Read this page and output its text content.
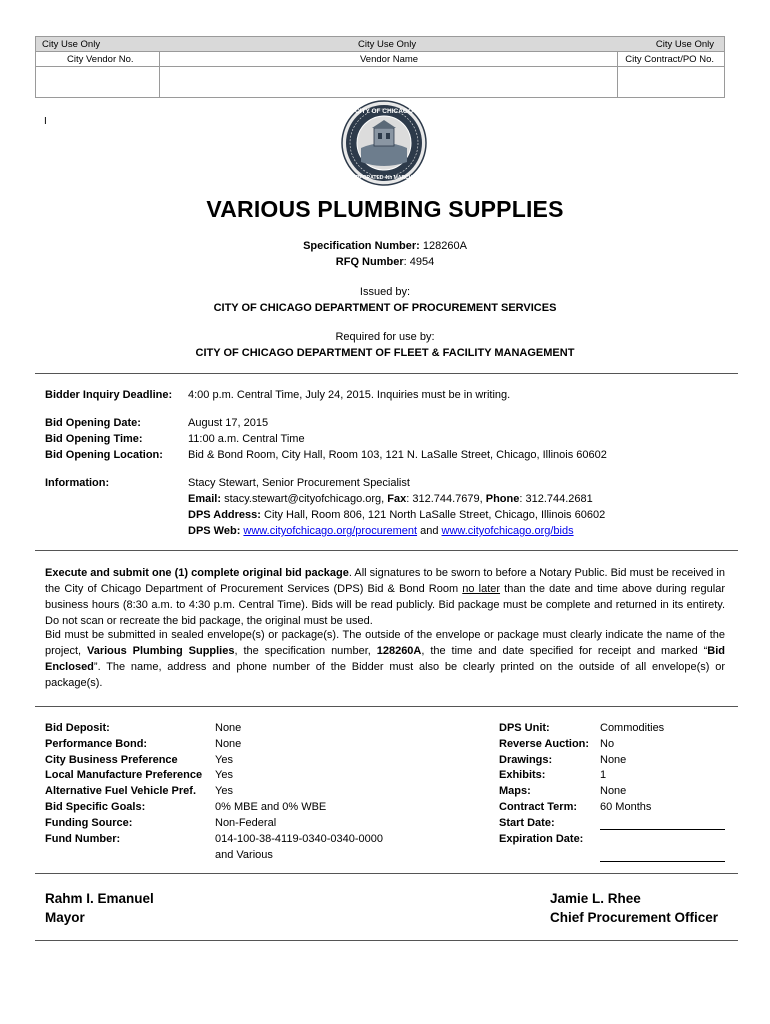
City Use Only	City Use Only	City Use Only
City Vendor No.	Vendor Name	City Contract/PO No.
I
CITY OF CHICAGO
INCORPORATED 4th MARCH 1837
VARIOUS PLUMBING SUPPLIES
Specification Number: 128260A
RFQ Number: 4954
Issued by:
CITY OF CHICAGO DEPARTMENT OF PROCUREMENT SERVICES
Required for use by:
CITY OF CHICAGO DEPARTMENT OF FLEET & FACILITY MANAGEMENT
Bidder Inquiry Deadline: 4:00 p.m. Central Time, July 24, 2015. Inquiries must be in writing.
Bid Opening Date:	August 17, 2015
Bid Opening Time:	11:00 a.m. Central Time
Bid Opening Location: Bid & Bond Room, City Hall, Room 103, 121 N. LaSalle Street, Chicago, Illinois 60602
Information:	Stacy Stewart, Senior Procurement Specialist
Email: stacy.stewart@cityofchicago.org, Fax: 312.744.7679, Phone: 312.744.2681
DPS Address: City Hall, Room 806, 121 North LaSalle Street, Chicago, Illinois 60602
DPS Web: www.cityofchicago.org/procurement and www.cityofchicago.org/bids
Execute and submit one (1) complete original bid package. All signatures to be sworn to before a Notary Public. Bid must be received in the City of Chicago Department of Procurement Services (DPS) Bid & Bond Room no later than the date and time above during regular business hours (8:30 a.m. to 4:30 p.m. Central Time). Bids will be read publicly. Bid package must be complete and returned in its entirety. Do not scan or recreate the bid package, the original must be used.
Bid must be submitted in sealed envelope(s) or package(s). The outside of the envelope or package must clearly indicate the name of the project, Various Plumbing Supplies, the specification number, 128260A, the time and date specified for receipt and marked “Bid Enclosed”. The name, address and phone number of the Bidder must also be clearly printed on the outside of all envelope(s) or package(s).
Bid Deposit:	None
Performance Bond:	None
City Business Preference	Yes
Local Manufacture Preference Yes
Alternative Fuel Vehicle Pref. Yes
Bid Specific Goals:	0% MBE and 0% WBE
Funding Source:	Non-Federal
Fund Number:	014-100-38-4119-0340-0340-0000
and Various
DPS Unit:	Commodities
Reverse Auction: No
Drawings:	None
Exhibits:	1
Maps:	None
Contract Term: 60 Months
Start Date:
Expiration Date:
Rahm I. Emanuel
Mayor
Jamie L. Rhee
Chief Procurement Officer
